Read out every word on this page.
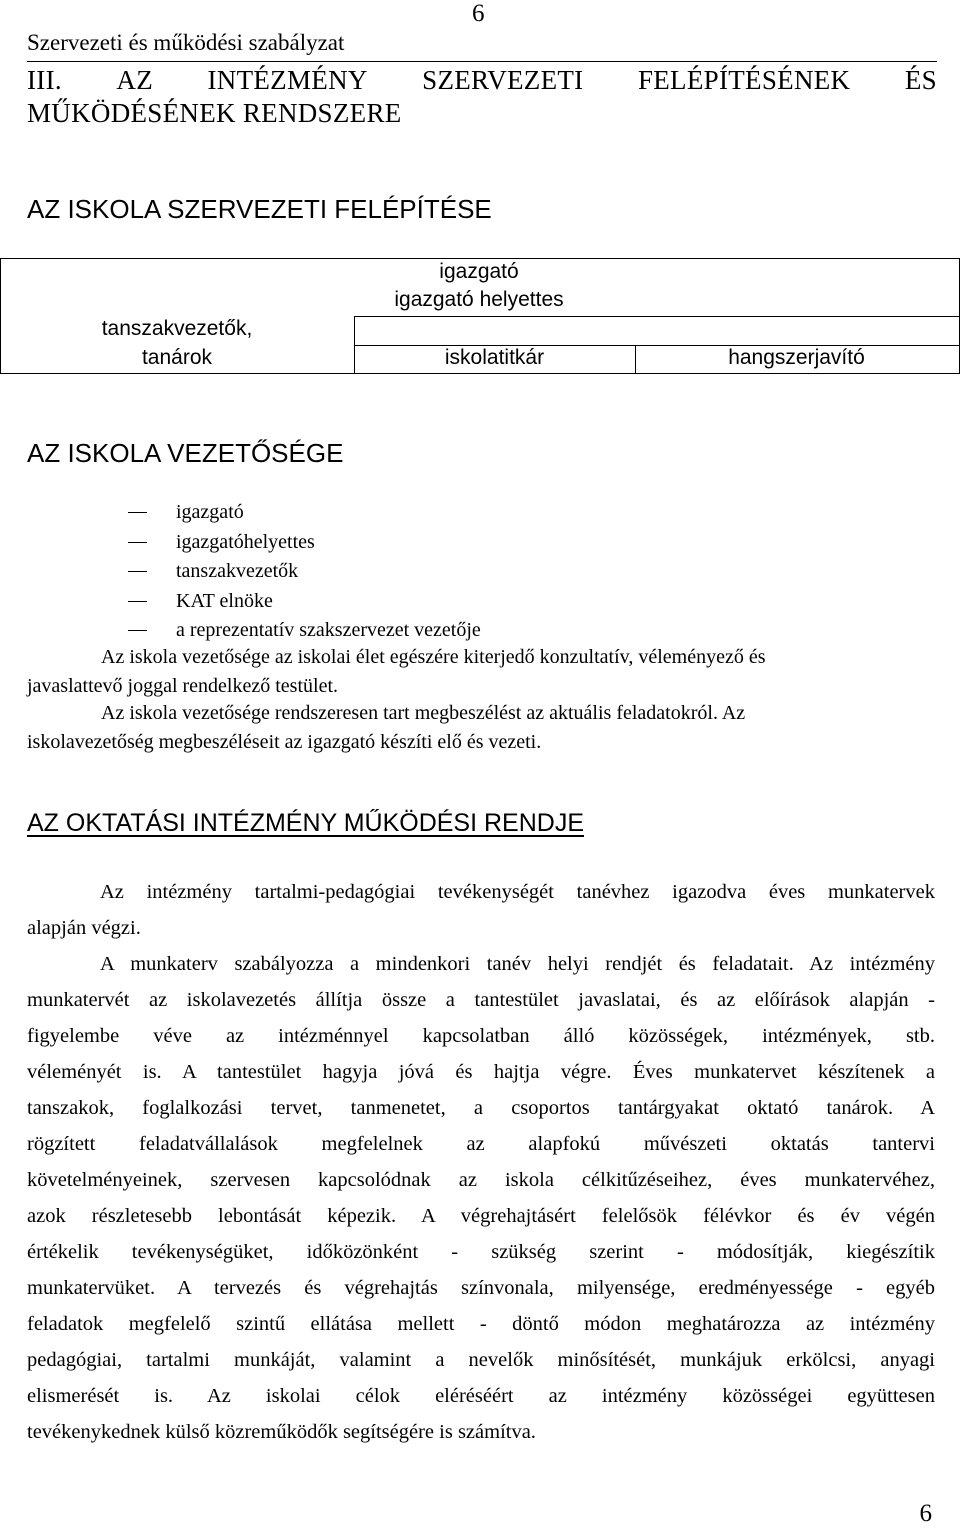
6
Szervezeti és működési szabályzat
III. AZ INTÉZMÉNY SZERVEZETI FELÉPÍTÉSÉNEK ÉS
MŰKÖDÉSÉNEK RENDSZERE
AZ ISKOLA SZERVEZETI FELÉPÍTÉSE
igazgató
igazgató helyettes
tanszakvezetők,
tanárok	iskolatitkár	hangszerjavító
AZ ISKOLA VEZETŐSÉGE
igazgató
igazgatóhelyettes
tanszakvezetők
KAT elnöke
a reprezentatív szakszervezet vezetője
Az iskola vezetősége az iskolai élet egészére kiterjedő konzultatív, véleményező és
javaslattevő joggal rendelkező testület.
Az iskola vezetősége rendszeresen tart megbeszélést az aktuális feladatokról. Az
iskolavezetőség megbeszéléseit az igazgató készíti elő és vezeti.
AZ OKTATÁSI INTÉZMÉNY MŰKÖDÉSI RENDJE
Az intézmény tartalmi-pedagógiai tevékenységét tanévhez igazodva éves munkatervek
alapján végzi.
A munkaterv szabályozza a mindenkori tanév helyi rendjét és feladatait. Az intézmény
munkatervét az iskolavezetés állítja össze a tantestület javaslatai, és az előírások alapján -
figyelembe véve az intézménnyel kapcsolatban álló közösségek, intézmények, stb.
véleményét is. A tantestület hagyja jóvá és hajtja végre. Éves munkatervet készítenek a
tanszakok, foglalkozási tervet, tanmenetet, a csoportos tantárgyakat oktató tanárok. A
rögzített feladatvállalások megfelelnek az alapfokú művészeti oktatás tantervi
követelményeinek, szervesen kapcsolódnak az iskola célkitűzéseihez, éves munkatervéhez,
azok részletesebb lebontását képezik. A végrehajtásért felelősök félévkor és év végén
értékelik tevékenységüket, időközönként - szükség szerint - módosítják, kiegészítik
munkatervüket. A tervezés és végrehajtás színvonala, milyensége, eredményessége - egyéb
feladatok megfelelő szintű ellátása mellett - döntő módon meghatározza az intézmény
pedagógiai, tartalmi munkáját, valamint a nevelők minősítését, munkájuk erkölcsi, anyagi
elismerését is. Az iskolai célok eléréséért az intézmény közösségei együttesen
tevékenykednek külső közreműködők segítségére is számítva.
6
